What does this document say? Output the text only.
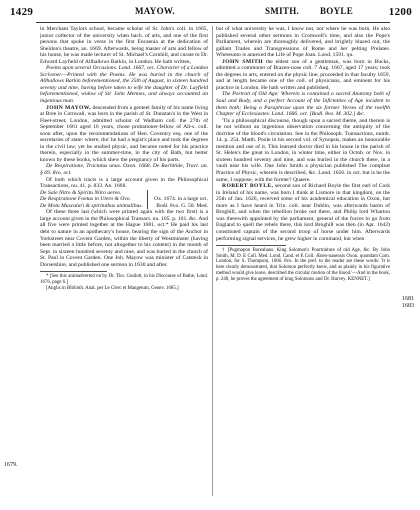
1429	MAYOW.	SMITH. BOYLE	1200
1679.
1681
1683

in Merchant Taylors school, became scholar of St. John's coll. in 1665, junior collector of the university when bach. of arts, and one of the first persons that spoke in verse in the first Encaenia at the dedication of Sheldon's theatre, an. 1669. Afterwards, being master of arts and fellow of his house, he was made lecturer of St. Michael's Cornhill, and curate to Dr. Edward Layfield of Allhallows Barkin, in London. He hath written,

Poems upon several Occasions. Lond. 1667, oct. Character of a London Scrivener.—Printed with the Poems. He was buried in the church of Allhallows Barkin beforementioned, the 25th of August, in sixteen hundred seventy and nine, having before taken to wife the daughter of Dr. Layfield beforementioned, widow of Sir John Mennes, and always accounted an ingenious man.

JOHN MAYOW, descended from a genteel family of his name living at Bree in Cornwall, was born in the parish of St. Dunstan's in the West in Fleet-street, London, admitted scholar of Wadham coll. the 27th of September 1661 aged 16 years, chose probationer-fellow of All-s. coll. soon after, upon the recommendations of Hen. Coventry esq. one of the secretaries of state: where, tho' he had a legist's place and took the degrees in the civil law, yet he studied physic, and became noted for his practice therein, especially in the summer-time, in the city of Bath, but better known by these books, which shew the pregnancy of his parts.

De Respiratione, Tractatus unus. Oxon. 1668. De Rachitide, Tract. un. § 69. 8vo. oct.

Of both which tracts is a large account given in the Philosophical Transactions, nu. 41. p. 833. An. 1668.

De Sale Nitro & Spiritu Nitro aereo.	
De Respiratione Foetus in Utero & Ovo.	Ox. 1674. in a large oct.
De Motu Musculari & spirituibus animalibus.	Bodl. 8vo. G. 50. Med.

Of these three last (which were printed again with the two first) is a large account given in the Philosophical Transact. nu. 105. p. 101. &c. And all five were printed together at the Hague 1681. oct.* He paid his last debt to nature in an apothecary's house, bearing the sign of the Anchor in Yorkstreet near Covent Garden, within the liberty of Westminster (having been married a little before, not altogether to his content) in the month of Sept. in sixteen hundred seventy and nine, and was buried in the church of St. Paul in Covent Garden. One Joh. Mayow was minister of Catsteck in Dorsetshire, and published one sermon in 1630 and after.

* [See this animadverted on by Dr. Tho. Guidott, in his Discourse of Bathe, Lond. 1676, page 6.]

[Anglis in Biblioth. Anal. per Le Clerc et Mangetum, Genev. 1685.]

but of what university he was, I know not, nor where he was born. He also published several other sermons in Cromwell's time, and also the Pope's Parliament, wherein are thoroughly delivered, and brightly blazed out, the gallant Trades and Transgressions of Rome and her pelting Prelates. Whereunto is annexed the Life of Pope Joan. Lond. 1591. qu.

JOHN SMITH the eldest son of a gentleman, was born in Bucks, admitted a commoner of Brazen-nose coll. 7 Aug. 1667, aged 17 years; took the degrees in arts, entered on the physic line, proceeded in that faculty 1659, and at length became one of the coll. of physicians, and eminent for his practice in London. He hath written and published,

The Portrait of Old Age: Wherein is contained a sacred Anatomy both of Soul and Body, and a perfect Account of the Infirmities of Age incident to them both; Being a Paraphrase upon the six former Verses of the twelfth Chapter of Ecclesiastes. Lond. 1666. oct. [Bodl. 8vo. M. 302.] &c.

'Tis a philosophical discourse, though upon a sacred theme, and therein is he not without an ingenious observation concerning the antiquity of the doctrine of the blood's circulation. See in the Philosoph. Transactions, numb. 14. p. 254. Matth. Poole in his second vol. of Synopsis, makes an honourable mention and use of it. This learned doctor died in his house in the parish of St. Helen's the great in London, in winter time, either in Octob. or Nov. in sixteen hundred seventy and nine, and was buried in the church there, in a vault near his wife. One John Smith a physician published The compleat Practice of Physic, wherein is described, &c. Lond. 1656. in oct. but is he the same, I suppose, with the former? Quaere.

ROBERT BOYLE, second son of Richard Boyle the first earl of Cork in Ireland of his name, was born I think at Lismore in that kingdom, on the 25th of Jan. 1626, received some of his academical education in Oxon, but more as I have heard in Trin. coll. near Dublin, was afterwards baron of Broghill, and when the rebellion broke out there, and Philip lord Wharton was therewith appointed by the parliament, general of the forces to go from England to quell the rebels there, this lord Broghill was then (in Apr. 1642) constituted captain of the second troop of horse under him. Afterwards performing signal services, he grew higher in command, but when

† [Pugmapon Boreahaus. King Solomon's Pourtraiture of old Age, &c. By John Smith, M. D. E Coll. Med. Lond. Cand. et E Coll. Æneo-nasensis Oxon. quondam Com. London, for S. Thompson, 1666. 8vo. In the pref. to the reader are these words: 'It is here clearly demonstrated, that Solomon perfectly knew, and as plainly in his figurative method would give leave, described the circular motion of the blood.'—And in the book, p. 240, he proves the agreement of king Solomons and Dr. Harvey. KENNET.]
